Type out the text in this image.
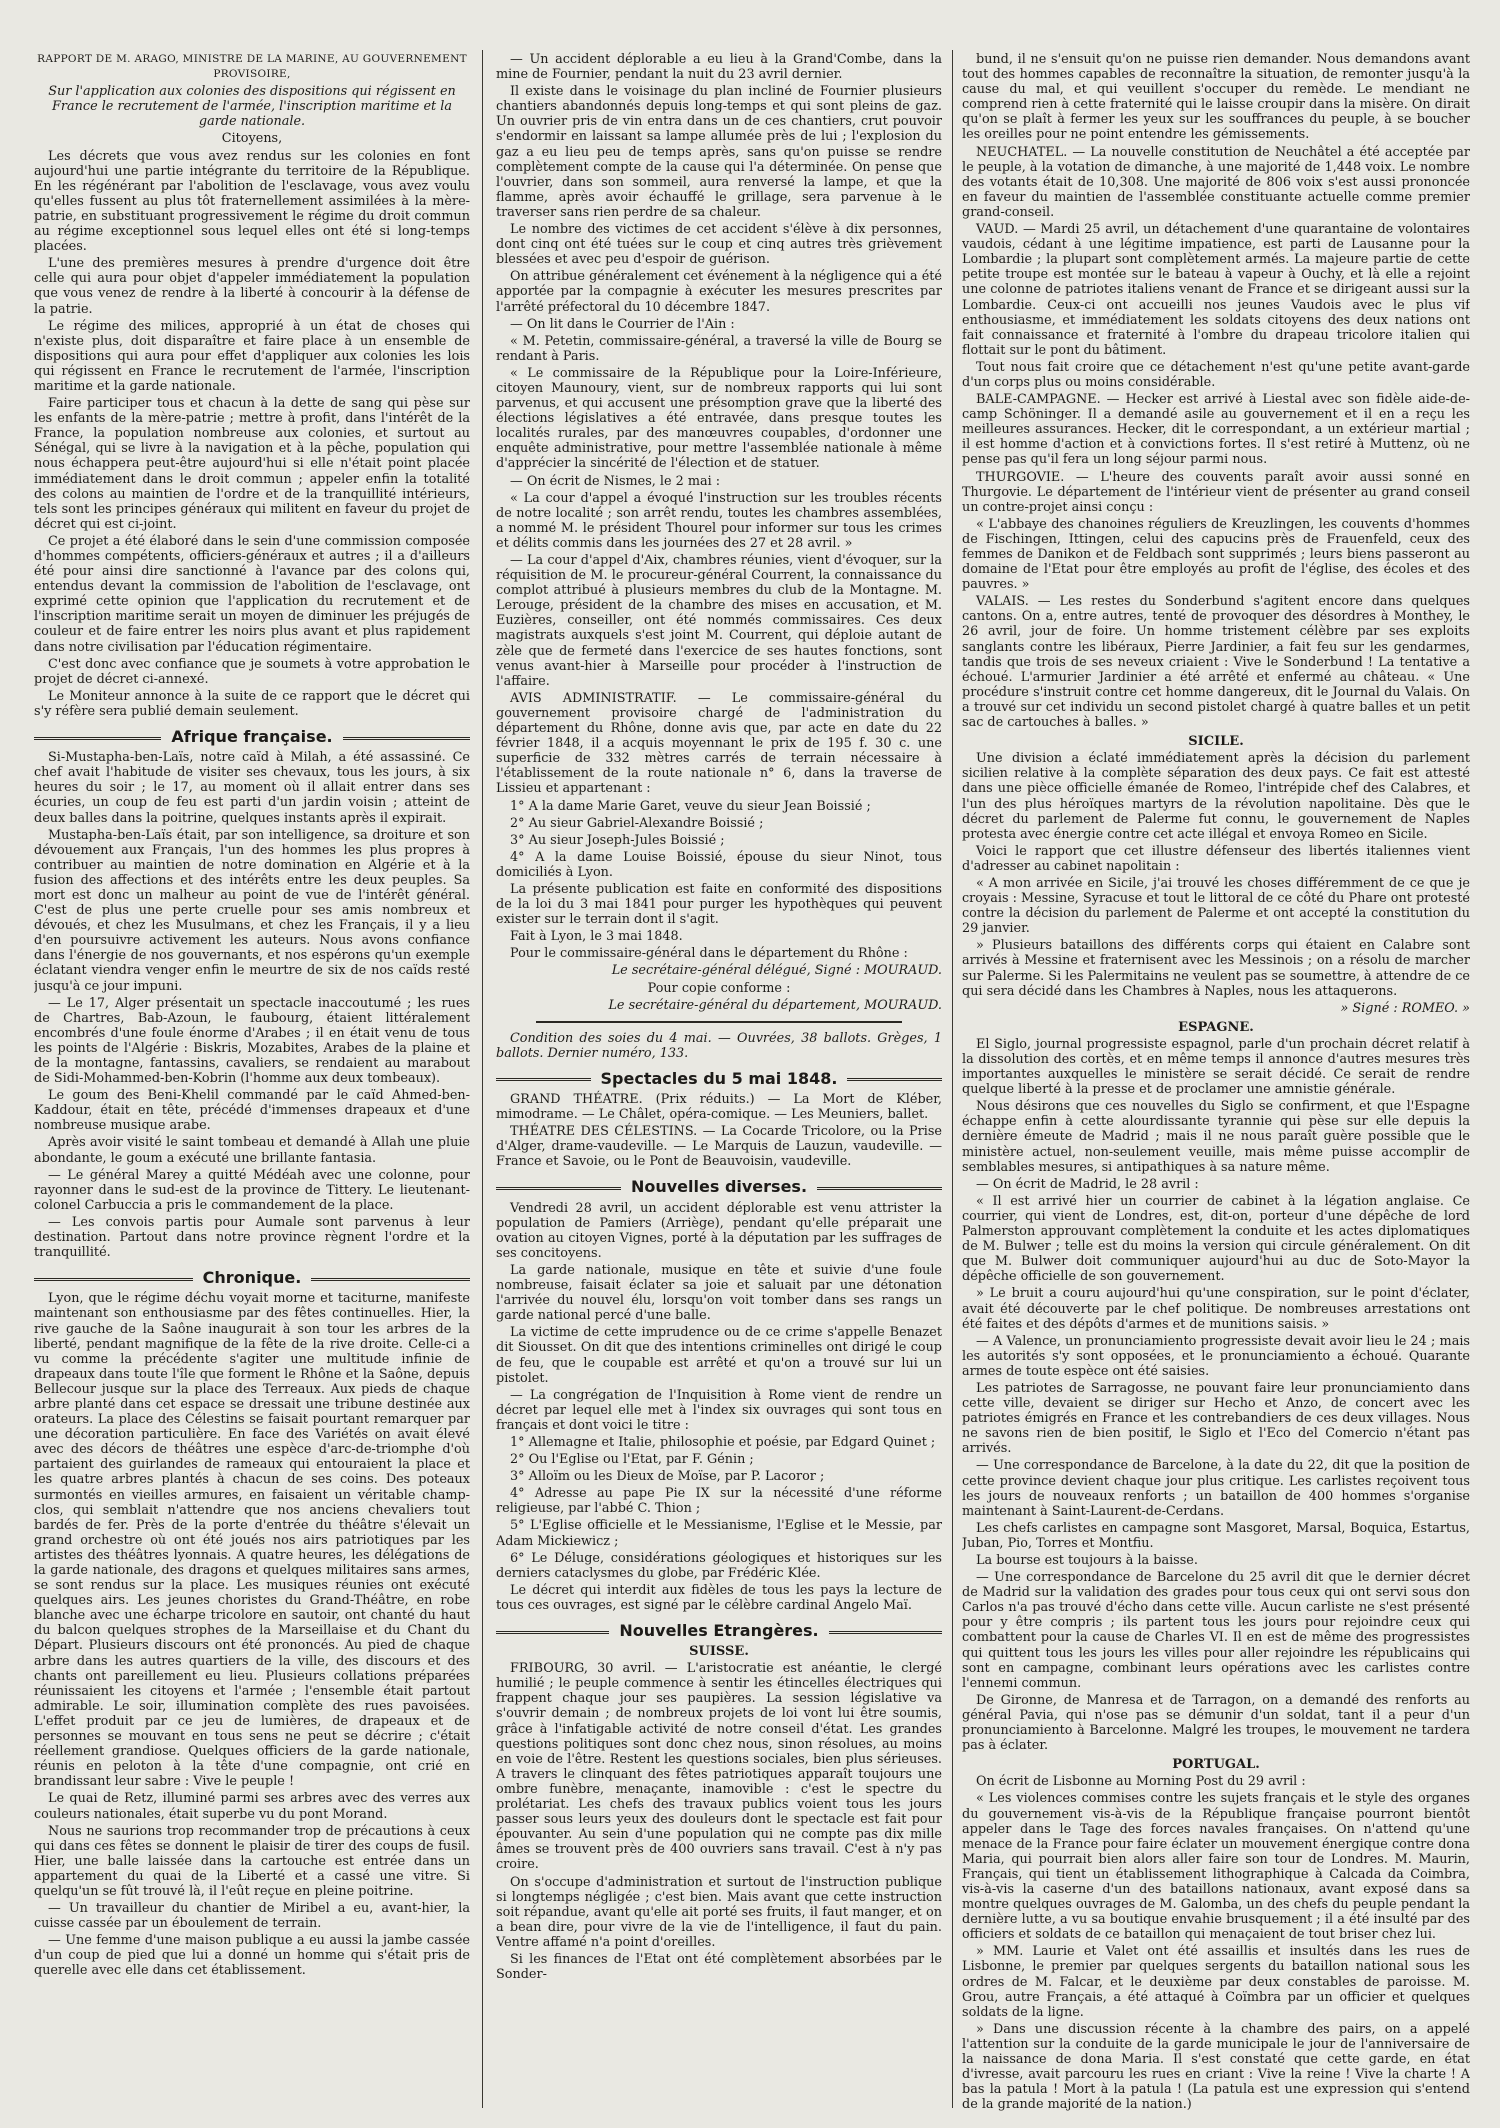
RAPPORT DE M. ARAGO, MINISTRE DE LA MARINE, AU GOUVERNEMENT PROVISOIRE,

Sur l'application aux colonies des dispositions qui régissent en France le recrutement de l'armée, l'inscription maritime et la garde nationale.

Citoyens,

Les décrets que vous avez rendus sur les colonies en font aujourd'hui une partie intégrante du territoire de la République. En les régénérant par l'abolition de l'esclavage, vous avez voulu qu'elles fussent au plus tôt fraternellement assimilées à la mère-patrie, en substituant progressivement le régime du droit commun au régime exceptionnel sous lequel elles ont été si long-temps placées.

L'une des premières mesures à prendre d'urgence doit être celle qui aura pour objet d'appeler immédiatement la population que vous venez de rendre à la liberté à concourir à la défense de la patrie.

Le régime des milices, approprié à un état de choses qui n'existe plus, doit disparaître et faire place à un ensemble de dispositions qui aura pour effet d'appliquer aux colonies les lois qui régissent en France le recrutement de l'armée, l'inscription maritime et la garde nationale.

Faire participer tous et chacun à la dette de sang qui pèse sur les enfants de la mère-patrie ; mettre à profit, dans l'intérêt de la France, la population nombreuse aux colonies, et surtout au Sénégal, qui se livre à la navigation et à la pêche, population qui nous échappera peut-être aujourd'hui si elle n'était point placée immédiatement dans le droit commun ; appeler enfin la totalité des colons au maintien de l'ordre et de la tranquillité intérieurs, tels sont les principes généraux qui militent en faveur du projet de décret qui est ci-joint.

Ce projet a été élaboré dans le sein d'une commission composée d'hommes compétents, officiers-généraux et autres ; il a d'ailleurs été pour ainsi dire sanctionné à l'avance par des colons qui, entendus devant la commission de l'abolition de l'esclavage, ont exprimé cette opinion que l'application du recrutement et de l'inscription maritime serait un moyen de diminuer les préjugés de couleur et de faire entrer les noirs plus avant et plus rapidement dans notre civilisation par l'éducation régimentaire.

C'est donc avec confiance que je soumets à votre approbation le projet de décret ci-annexé.

Le Moniteur annonce à la suite de ce rapport que le décret qui s'y réfère sera publié demain seulement.

Afrique française.

Si-Mustapha-ben-Laïs, notre caïd à Milah, a été assassiné. Ce chef avait l'habitude de visiter ses chevaux, tous les jours, à six heures du soir ; le 17, au moment où il allait entrer dans ses écuries, un coup de feu est parti d'un jardin voisin ; atteint de deux balles dans la poitrine, quelques instants après il expirait.

Mustapha-ben-Laïs était, par son intelligence, sa droiture et son dévouement aux Français, l'un des hommes les plus propres à contribuer au maintien de notre domination en Algérie et à la fusion des affections et des intérêts entre les deux peuples. Sa mort est donc un malheur au point de vue de l'intérêt général. C'est de plus une perte cruelle pour ses amis nombreux et dévoués, et chez les Musulmans, et chez les Français, il y a lieu d'en poursuivre activement les auteurs. Nous avons confiance dans l'énergie de nos gouvernants, et nos espérons qu'un exemple éclatant viendra venger enfin le meurtre de six de nos caïds resté jusqu'à ce jour impuni.

— Le 17, Alger présentait un spectacle inaccoutumé ; les rues de Chartres, Bab-Azoun, le faubourg, étaient littéralement encombrés d'une foule énorme d'Arabes ; il en était venu de tous les points de l'Algérie : Biskris, Mozabites, Arabes de la plaine et de la montagne, fantassins, cavaliers, se rendaient au marabout de Sidi-Mohammed-ben-Kobrin (l'homme aux deux tombeaux).

Le goum des Beni-Khelil commandé par le caïd Ahmed-ben-Kaddour, était en tête, précédé d'immenses drapeaux et d'une nombreuse musique arabe.

Après avoir visité le saint tombeau et demandé à Allah une pluie abondante, le goum a exécuté une brillante fantasia.

— Le général Marey a quitté Médéah avec une colonne, pour rayonner dans le sud-est de la province de Tittery. Le lieutenant-colonel Carbuccia a pris le commandement de la place.

— Les convois partis pour Aumale sont parvenus à leur destination. Partout dans notre province règnent l'ordre et la tranquillité.

Chronique.

Lyon, que le régime déchu voyait morne et taciturne, manifeste maintenant son enthousiasme par des fêtes continuelles. Hier, la rive gauche de la Saône inaugurait à son tour les arbres de la liberté, pendant magnifique de la fête de la rive droite. Celle-ci a vu comme la précédente s'agiter une multitude infinie de drapeaux dans toute l'île que forment le Rhône et la Saône, depuis Bellecour jusque sur la place des Terreaux. Aux pieds de chaque arbre planté dans cet espace se dressait une tribune destinée aux orateurs. La place des Célestins se faisait pourtant remarquer par une décoration particulière. En face des Variétés on avait élevé avec des décors de théâtres une espèce d'arc-de-triomphe d'où partaient des guirlandes de rameaux qui entouraient la place et les quatre arbres plantés à chacun de ses coins. Des poteaux surmontés en vieilles armures, en faisaient un véritable champ-clos, qui semblait n'attendre que nos anciens chevaliers tout bardés de fer. Près de la porte d'entrée du théâtre s'élevait un grand orchestre où ont été joués nos airs patriotiques par les artistes des théâtres lyonnais. A quatre heures, les délégations de la garde nationale, des dragons et quelques militaires sans armes, se sont rendus sur la place. Les musiques réunies ont exécuté quelques airs. Les jeunes choristes du Grand-Théâtre, en robe blanche avec une écharpe tricolore en sautoir, ont chanté du haut du balcon quelques strophes de la Marseillaise et du Chant du Départ. Plusieurs discours ont été prononcés. Au pied de chaque arbre dans les autres quartiers de la ville, des discours et des chants ont pareillement eu lieu. Plusieurs collations préparées réunissaient les citoyens et l'armée ; l'ensemble était partout admirable. Le soir, illumination complète des rues pavoisées. L'effet produit par ce jeu de lumières, de drapeaux et de personnes se mouvant en tous sens ne peut se décrire ; c'était réellement grandiose. Quelques officiers de la garde nationale, réunis en peloton à la tête d'une compagnie, ont crié en brandissant leur sabre : Vive le peuple !

Le quai de Retz, illuminé parmi ses arbres avec des verres aux couleurs nationales, était superbe vu du pont Morand.

Nous ne saurions trop recommander trop de précautions à ceux qui dans ces fêtes se donnent le plaisir de tirer des coups de fusil. Hier, une balle laissée dans la cartouche est entrée dans un appartement du quai de la Liberté et a cassé une vitre. Si quelqu'un se fût trouvé là, il l'eût reçue en pleine poitrine.

— Un travailleur du chantier de Miribel a eu, avant-hier, la cuisse cassée par un éboulement de terrain.

— Une femme d'une maison publique a eu aussi la jambe cassée d'un coup de pied que lui a donné un homme qui s'était pris de querelle avec elle dans cet établissement.

— Un accident déplorable a eu lieu à la Grand'Combe, dans la mine de Fournier, pendant la nuit du 23 avril dernier.

Il existe dans le voisinage du plan incliné de Fournier plusieurs chantiers abandonnés depuis long-temps et qui sont pleins de gaz. Un ouvrier pris de vin entra dans un de ces chantiers, crut pouvoir s'endormir en laissant sa lampe allumée près de lui ; l'explosion du gaz a eu lieu peu de temps après, sans qu'on puisse se rendre complètement compte de la cause qui l'a déterminée. On pense que l'ouvrier, dans son sommeil, aura renversé la lampe, et que la flamme, après avoir échauffé le grillage, sera parvenue à le traverser sans rien perdre de sa chaleur.

Le nombre des victimes de cet accident s'élève à dix personnes, dont cinq ont été tuées sur le coup et cinq autres très grièvement blessées et avec peu d'espoir de guérison.

On attribue généralement cet événement à la négligence qui a été apportée par la compagnie à exécuter les mesures prescrites par l'arrêté préfectoral du 10 décembre 1847.

— On lit dans le Courrier de l'Ain :

« M. Petetin, commissaire-général, a traversé la ville de Bourg se rendant à Paris.

« Le commissaire de la République pour la Loire-Inférieure, citoyen Maunoury, vient, sur de nombreux rapports qui lui sont parvenus, et qui accusent une présomption grave que la liberté des élections législatives a été entravée, dans presque toutes les localités rurales, par des manœuvres coupables, d'ordonner une enquête administrative, pour mettre l'assemblée nationale à même d'apprécier la sincérité de l'élection et de statuer.

— On écrit de Nismes, le 2 mai :

« La cour d'appel a évoqué l'instruction sur les troubles récents de notre localité ; son arrêt rendu, toutes les chambres assemblées, a nommé M. le président Thourel pour informer sur tous les crimes et délits commis dans les journées des 27 et 28 avril. »

— La cour d'appel d'Aix, chambres réunies, vient d'évoquer, sur la réquisition de M. le procureur-général Courrent, la connaissance du complot attribué à plusieurs membres du club de la Montagne. M. Lerouge, président de la chambre des mises en accusation, et M. Euzières, conseiller, ont été nommés commissaires. Ces deux magistrats auxquels s'est joint M. Courrent, qui déploie autant de zèle que de fermeté dans l'exercice de ses hautes fonctions, sont venus avant-hier à Marseille pour procéder à l'instruction de l'affaire.

AVIS ADMINISTRATIF. — Le commissaire-général du gouvernement provisoire chargé de l'administration du département du Rhône, donne avis que, par acte en date du 22 février 1848, il a acquis moyennant le prix de 195 f. 30 c. une superficie de 332 mètres carrés de terrain nécessaire à l'établissement de la route nationale n° 6, dans la traverse de Lissieu et appartenant :

1° A la dame Marie Garet, veuve du sieur Jean Boissié ;

2° Au sieur Gabriel-Alexandre Boissié ;

3° Au sieur Joseph-Jules Boissié ;

4° A la dame Louise Boissié, épouse du sieur Ninot, tous domiciliés à Lyon.

La présente publication est faite en conformité des dispositions de la loi du 3 mai 1841 pour purger les hypothèques qui peuvent exister sur le terrain dont il s'agit.

Fait à Lyon, le 3 mai 1848.

Pour le commissaire-général dans le département du Rhône :

Le secrétaire-général délégué, Signé : MOURAUD.

Pour copie conforme :

Le secrétaire-général du département, MOURAUD.

Condition des soies du 4 mai. — Ouvrées, 38 ballots. Grèges, 1 ballots. Dernier numéro, 133.

Spectacles du 5 mai 1848.

GRAND THÉATRE. (Prix réduits.) — La Mort de Kléber, mimodrame. — Le Châlet, opéra-comique. — Les Meuniers, ballet.

THÉATRE DES CÉLESTINS. — La Cocarde Tricolore, ou la Prise d'Alger, drame-vaudeville. — Le Marquis de Lauzun, vaudeville. — France et Savoie, ou le Pont de Beauvoisin, vaudeville.

Nouvelles diverses.

Vendredi 28 avril, un accident déplorable est venu attrister la population de Pamiers (Arriège), pendant qu'elle préparait une ovation au citoyen Vignes, porté à la députation par les suffrages de ses concitoyens.

La garde nationale, musique en tête et suivie d'une foule nombreuse, faisait éclater sa joie et saluait par une détonation l'arrivée du nouvel élu, lorsqu'on voit tomber dans ses rangs un garde national percé d'une balle.

La victime de cette imprudence ou de ce crime s'appelle Benazet dit Siousset. On dit que des intentions criminelles ont dirigé le coup de feu, que le coupable est arrêté et qu'on a trouvé sur lui un pistolet.

— La congrégation de l'Inquisition à Rome vient de rendre un décret par lequel elle met à l'index six ouvrages qui sont tous en français et dont voici le titre :

1° Allemagne et Italie, philosophie et poésie, par Edgard Quinet ;

2° Ou l'Eglise ou l'Etat, par F. Génin ;

3° Alloïm ou les Dieux de Moïse, par P. Lacoror ;

4° Adresse au pape Pie IX sur la nécessité d'une réforme religieuse, par l'abbé C. Thion ;

5° L'Eglise officielle et le Messianisme, l'Eglise et le Messie, par Adam Mickiewicz ;

6° Le Déluge, considérations géologiques et historiques sur les derniers cataclysmes du globe, par Frédéric Klée.

Le décret qui interdit aux fidèles de tous les pays la lecture de tous ces ouvrages, est signé par le célèbre cardinal Angelo Maï.

Nouvelles Etrangères.
SUISSE.

FRIBOURG, 30 avril. — L'aristocratie est anéantie, le clergé humilié ; le peuple commence à sentir les étincelles électriques qui frappent chaque jour ses paupières. La session législative va s'ouvrir demain ; de nombreux projets de loi vont lui être soumis, grâce à l'infatigable activité de notre conseil d'état. Les grandes questions politiques sont donc chez nous, sinon résolues, au moins en voie de l'être. Restent les questions sociales, bien plus sérieuses. A travers le clinquant des fêtes patriotiques apparaît toujours une ombre funèbre, menaçante, inamovible : c'est le spectre du prolétariat. Les chefs des travaux publics voient tous les jours passer sous leurs yeux des douleurs dont le spectacle est fait pour épouvanter. Au sein d'une population qui ne compte pas dix mille âmes se trouvent près de 400 ouvriers sans travail. C'est à n'y pas croire.

On s'occupe d'administration et surtout de l'instruction publique si longtemps négligée ; c'est bien. Mais avant que cette instruction soit répandue, avant qu'elle ait porté ses fruits, il faut manger, et on a bean dire, pour vivre de la vie de l'intelligence, il faut du pain. Ventre affamé n'a point d'oreilles.

Si les finances de l'Etat ont été complètement absorbées par le Sonder-

bund, il ne s'ensuit qu'on ne puisse rien demander. Nous demandons avant tout des hommes capables de reconnaître la situation, de remonter jusqu'à la cause du mal, et qui veuillent s'occuper du remède. Le mendiant ne comprend rien à cette fraternité qui le laisse croupir dans la misère. On dirait qu'on se plaît à fermer les yeux sur les souffrances du peuple, à se boucher les oreilles pour ne point entendre les gémissements.

NEUCHATEL. — La nouvelle constitution de Neuchâtel a été acceptée par le peuple, à la votation de dimanche, à une majorité de 1,448 voix. Le nombre des votants était de 10,308. Une majorité de 806 voix s'est aussi prononcée en faveur du maintien de l'assemblée constituante actuelle comme premier grand-conseil.

VAUD. — Mardi 25 avril, un détachement d'une quarantaine de volontaires vaudois, cédant à une légitime impatience, est parti de Lausanne pour la Lombardie ; la plupart sont complètement armés. La majeure partie de cette petite troupe est montée sur le bateau à vapeur à Ouchy, et là elle a rejoint une colonne de patriotes italiens venant de France et se dirigeant aussi sur la Lombardie. Ceux-ci ont accueilli nos jeunes Vaudois avec le plus vif enthousiasme, et immédiatement les soldats citoyens des deux nations ont fait connaissance et fraternité à l'ombre du drapeau tricolore italien qui flottait sur le pont du bâtiment.

Tout nous fait croire que ce détachement n'est qu'une petite avant-garde d'un corps plus ou moins considérable.

BALE-CAMPAGNE. — Hecker est arrivé à Liestal avec son fidèle aide-de-camp Schöninger. Il a demandé asile au gouvernement et il en a reçu les meilleures assurances. Hecker, dit le correspondant, a un extérieur martial ; il est homme d'action et à convictions fortes. Il s'est retiré à Muttenz, où ne pense pas qu'il fera un long séjour parmi nous.

THURGOVIE. — L'heure des couvents paraît avoir aussi sonné en Thurgovie. Le département de l'intérieur vient de présenter au grand conseil un contre-projet ainsi conçu :

« L'abbaye des chanoines réguliers de Kreuzlingen, les couvents d'hommes de Fischingen, Ittingen, celui des capucins près de Frauenfeld, ceux des femmes de Danikon et de Feldbach sont supprimés ; leurs biens passeront au domaine de l'Etat pour être employés au profit de l'église, des écoles et des pauvres. »

VALAIS. — Les restes du Sonderbund s'agitent encore dans quelques cantons. On a, entre autres, tenté de provoquer des désordres à Monthey, le 26 avril, jour de foire. Un homme tristement célèbre par ses exploits sanglants contre les libéraux, Pierre Jardinier, a fait feu sur les gendarmes, tandis que trois de ses neveux criaient : Vive le Sonderbund ! La tentative a échoué. L'armurier Jardinier a été arrêté et enfermé au château. « Une procédure s'instruit contre cet homme dangereux, dit le Journal du Valais. On a trouvé sur cet individu un second pistolet chargé à quatre balles et un petit sac de cartouches à balles. »

SICILE.

Une division a éclaté immédiatement après la décision du parlement sicilien relative à la complète séparation des deux pays. Ce fait est attesté dans une pièce officielle émanée de Romeo, l'intrépide chef des Calabres, et l'un des plus héroïques martyrs de la révolution napolitaine. Dès que le décret du parlement de Palerme fut connu, le gouvernement de Naples protesta avec énergie contre cet acte illégal et envoya Romeo en Sicile.

Voici le rapport que cet illustre défenseur des libertés italiennes vient d'adresser au cabinet napolitain :

« A mon arrivée en Sicile, j'ai trouvé les choses différemment de ce que je croyais : Messine, Syracuse et tout le littoral de ce côté du Phare ont protesté contre la décision du parlement de Palerme et ont accepté la constitution du 29 janvier.

» Plusieurs bataillons des différents corps qui étaient en Calabre sont arrivés à Messine et fraternisent avec les Messinois ; on a résolu de marcher sur Palerme. Si les Palermitains ne veulent pas se soumettre, à attendre de ce qui sera décidé dans les Chambres à Naples, nous les attaquerons.

» Signé : ROMEO. »

ESPAGNE.

El Siglo, journal progressiste espagnol, parle d'un prochain décret relatif à la dissolution des cortès, et en même temps il annonce d'autres mesures très importantes auxquelles le ministère se serait décidé. Ce serait de rendre quelque liberté à la presse et de proclamer une amnistie générale.

Nous désirons que ces nouvelles du Siglo se confirment, et que l'Espagne échappe enfin à cette alourdissante tyrannie qui pèse sur elle depuis la dernière émeute de Madrid ; mais il ne nous paraît guère possible que le ministère actuel, non-seulement veuille, mais même puisse accomplir de semblables mesures, si antipathiques à sa nature même.

— On écrit de Madrid, le 28 avril :

« Il est arrivé hier un courrier de cabinet à la légation anglaise. Ce courrier, qui vient de Londres, est, dit-on, porteur d'une dépêche de lord Palmerston approuvant complètement la conduite et les actes diplomatiques de M. Bulwer ; telle est du moins la version qui circule généralement. On dit que M. Bulwer doit communiquer aujourd'hui au duc de Soto-Mayor la dépêche officielle de son gouvernement.

» Le bruit a couru aujourd'hui qu'une conspiration, sur le point d'éclater, avait été découverte par le chef politique. De nombreuses arrestations ont été faites et des dépôts d'armes et de munitions saisis. »

— A Valence, un pronunciamiento progressiste devait avoir lieu le 24 ; mais les autorités s'y sont opposées, et le pronunciamiento a échoué. Quarante armes de toute espèce ont été saisies.

Les patriotes de Sarragosse, ne pouvant faire leur pronunciamiento dans cette ville, devaient se diriger sur Hecho et Anzo, de concert avec les patriotes émigrés en France et les contrebandiers de ces deux villages. Nous ne savons rien de bien positif, le Siglo et l'Eco del Comercio n'étant pas arrivés.

— Une correspondance de Barcelone, à la date du 22, dit que la position de cette province devient chaque jour plus critique. Les carlistes reçoivent tous les jours de nouveaux renforts ; un bataillon de 400 hommes s'organise maintenant à Saint-Laurent-de-Cerdans.

Les chefs carlistes en campagne sont Masgoret, Marsal, Boquica, Estartus, Juban, Pio, Torres et Montfiu.

La bourse est toujours à la baisse.

— Une correspondance de Barcelone du 25 avril dit que le dernier décret de Madrid sur la validation des grades pour tous ceux qui ont servi sous don Carlos n'a pas trouvé d'écho dans cette ville. Aucun carliste ne s'est présenté pour y être compris ; ils partent tous les jours pour rejoindre ceux qui combattent pour la cause de Charles VI. Il en est de même des progressistes qui quittent tous les jours les villes pour aller rejoindre les républicains qui sont en campagne, combinant leurs opérations avec les carlistes contre l'ennemi commun.

De Gironne, de Manresa et de Tarragon, on a demandé des renforts au général Pavia, qui n'ose pas se démunir d'un soldat, tant il a peur d'un pronunciamiento à Barcelonne. Malgré les troupes, le mouvement ne tardera pas à éclater.

PORTUGAL.

On écrit de Lisbonne au Morning Post du 29 avril :

« Les violences commises contre les sujets français et le style des organes du gouvernement vis-à-vis de la République française pourront bientôt appeler dans le Tage des forces navales françaises. On n'attend qu'une menace de la France pour faire éclater un mouvement énergique contre dona Maria, qui pourrait bien alors aller faire son tour de Londres. M. Maurin, Français, qui tient un établissement lithographique à Calcada da Coimbra, vis-à-vis la caserne d'un des bataillons nationaux, avant exposé dans sa montre quelques ouvrages de M. Galomba, un des chefs du peuple pendant la dernière lutte, a vu sa boutique envahie brusquement ; il a été insulté par des officiers et soldats de ce bataillon qui menaçaient de tout briser chez lui.

» MM. Laurie et Valet ont été assaillis et insultés dans les rues de Lisbonne, le premier par quelques sergents du bataillon national sous les ordres de M. Falcar, et le deuxième par deux constables de paroisse. M. Grou, autre Français, a été attaqué à Coïmbra par un officier et quelques soldats de la ligne.

» Dans une discussion récente à la chambre des pairs, on a appelé l'attention sur la conduite de la garde municipale le jour de l'anniversaire de la naissance de dona Maria. Il s'est constaté que cette garde, en état d'ivresse, avait parcouru les rues en criant : Vive la reine ! Vive la charte ! A bas la patula ! Mort à la patula ! (La patula est une expression qui s'entend de la grande majorité de la nation.)
